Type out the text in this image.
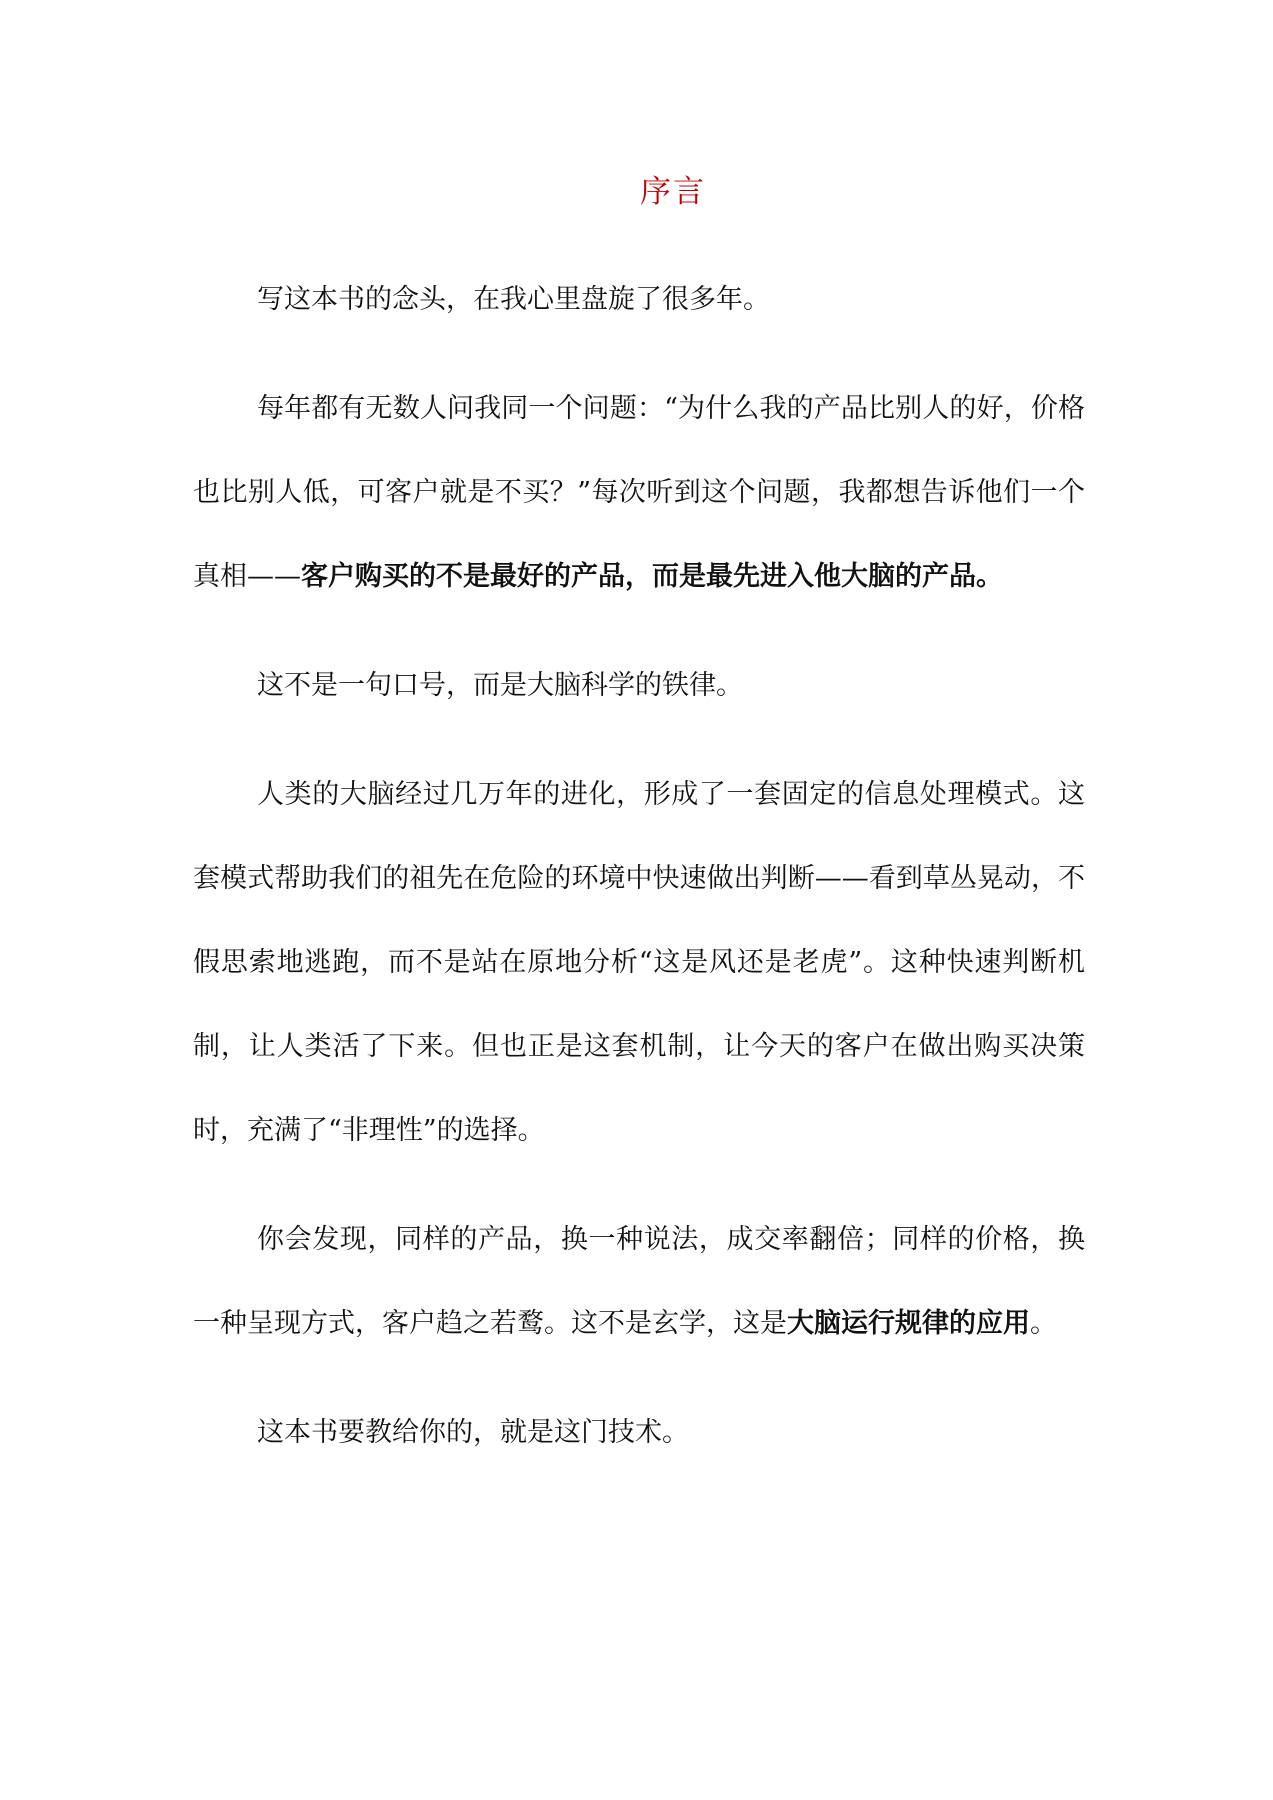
序言

写这本书的念头，在我心里盘旋了很多年。

每年都有无数人问我同一个问题：“为什么我的产品比别人的好，价格也比别人低，可客户就是不买？”每次听到这个问题，我都想告诉他们一个真相——客户购买的不是最好的产品，而是最先进入他大脑的产品。

这不是一句口号，而是大脑科学的铁律。

人类的大脑经过几万年的进化，形成了一套固定的信息处理模式。这套模式帮助我们的祖先在危险的环境中快速做出判断——看到草丛晃动，不假思索地逃跑，而不是站在原地分析“这是风还是老虎”。这种快速判断机制，让人类活了下来。但也正是这套机制，让今天的客户在做出购买决策时，充满了“非理性”的选择。

你会发现，同样的产品，换一种说法，成交率翻倍；同样的价格，换一种呈现方式，客户趋之若鹜。这不是玄学，这是大脑运行规律的应用。

这本书要教给你的，就是这门技术。
